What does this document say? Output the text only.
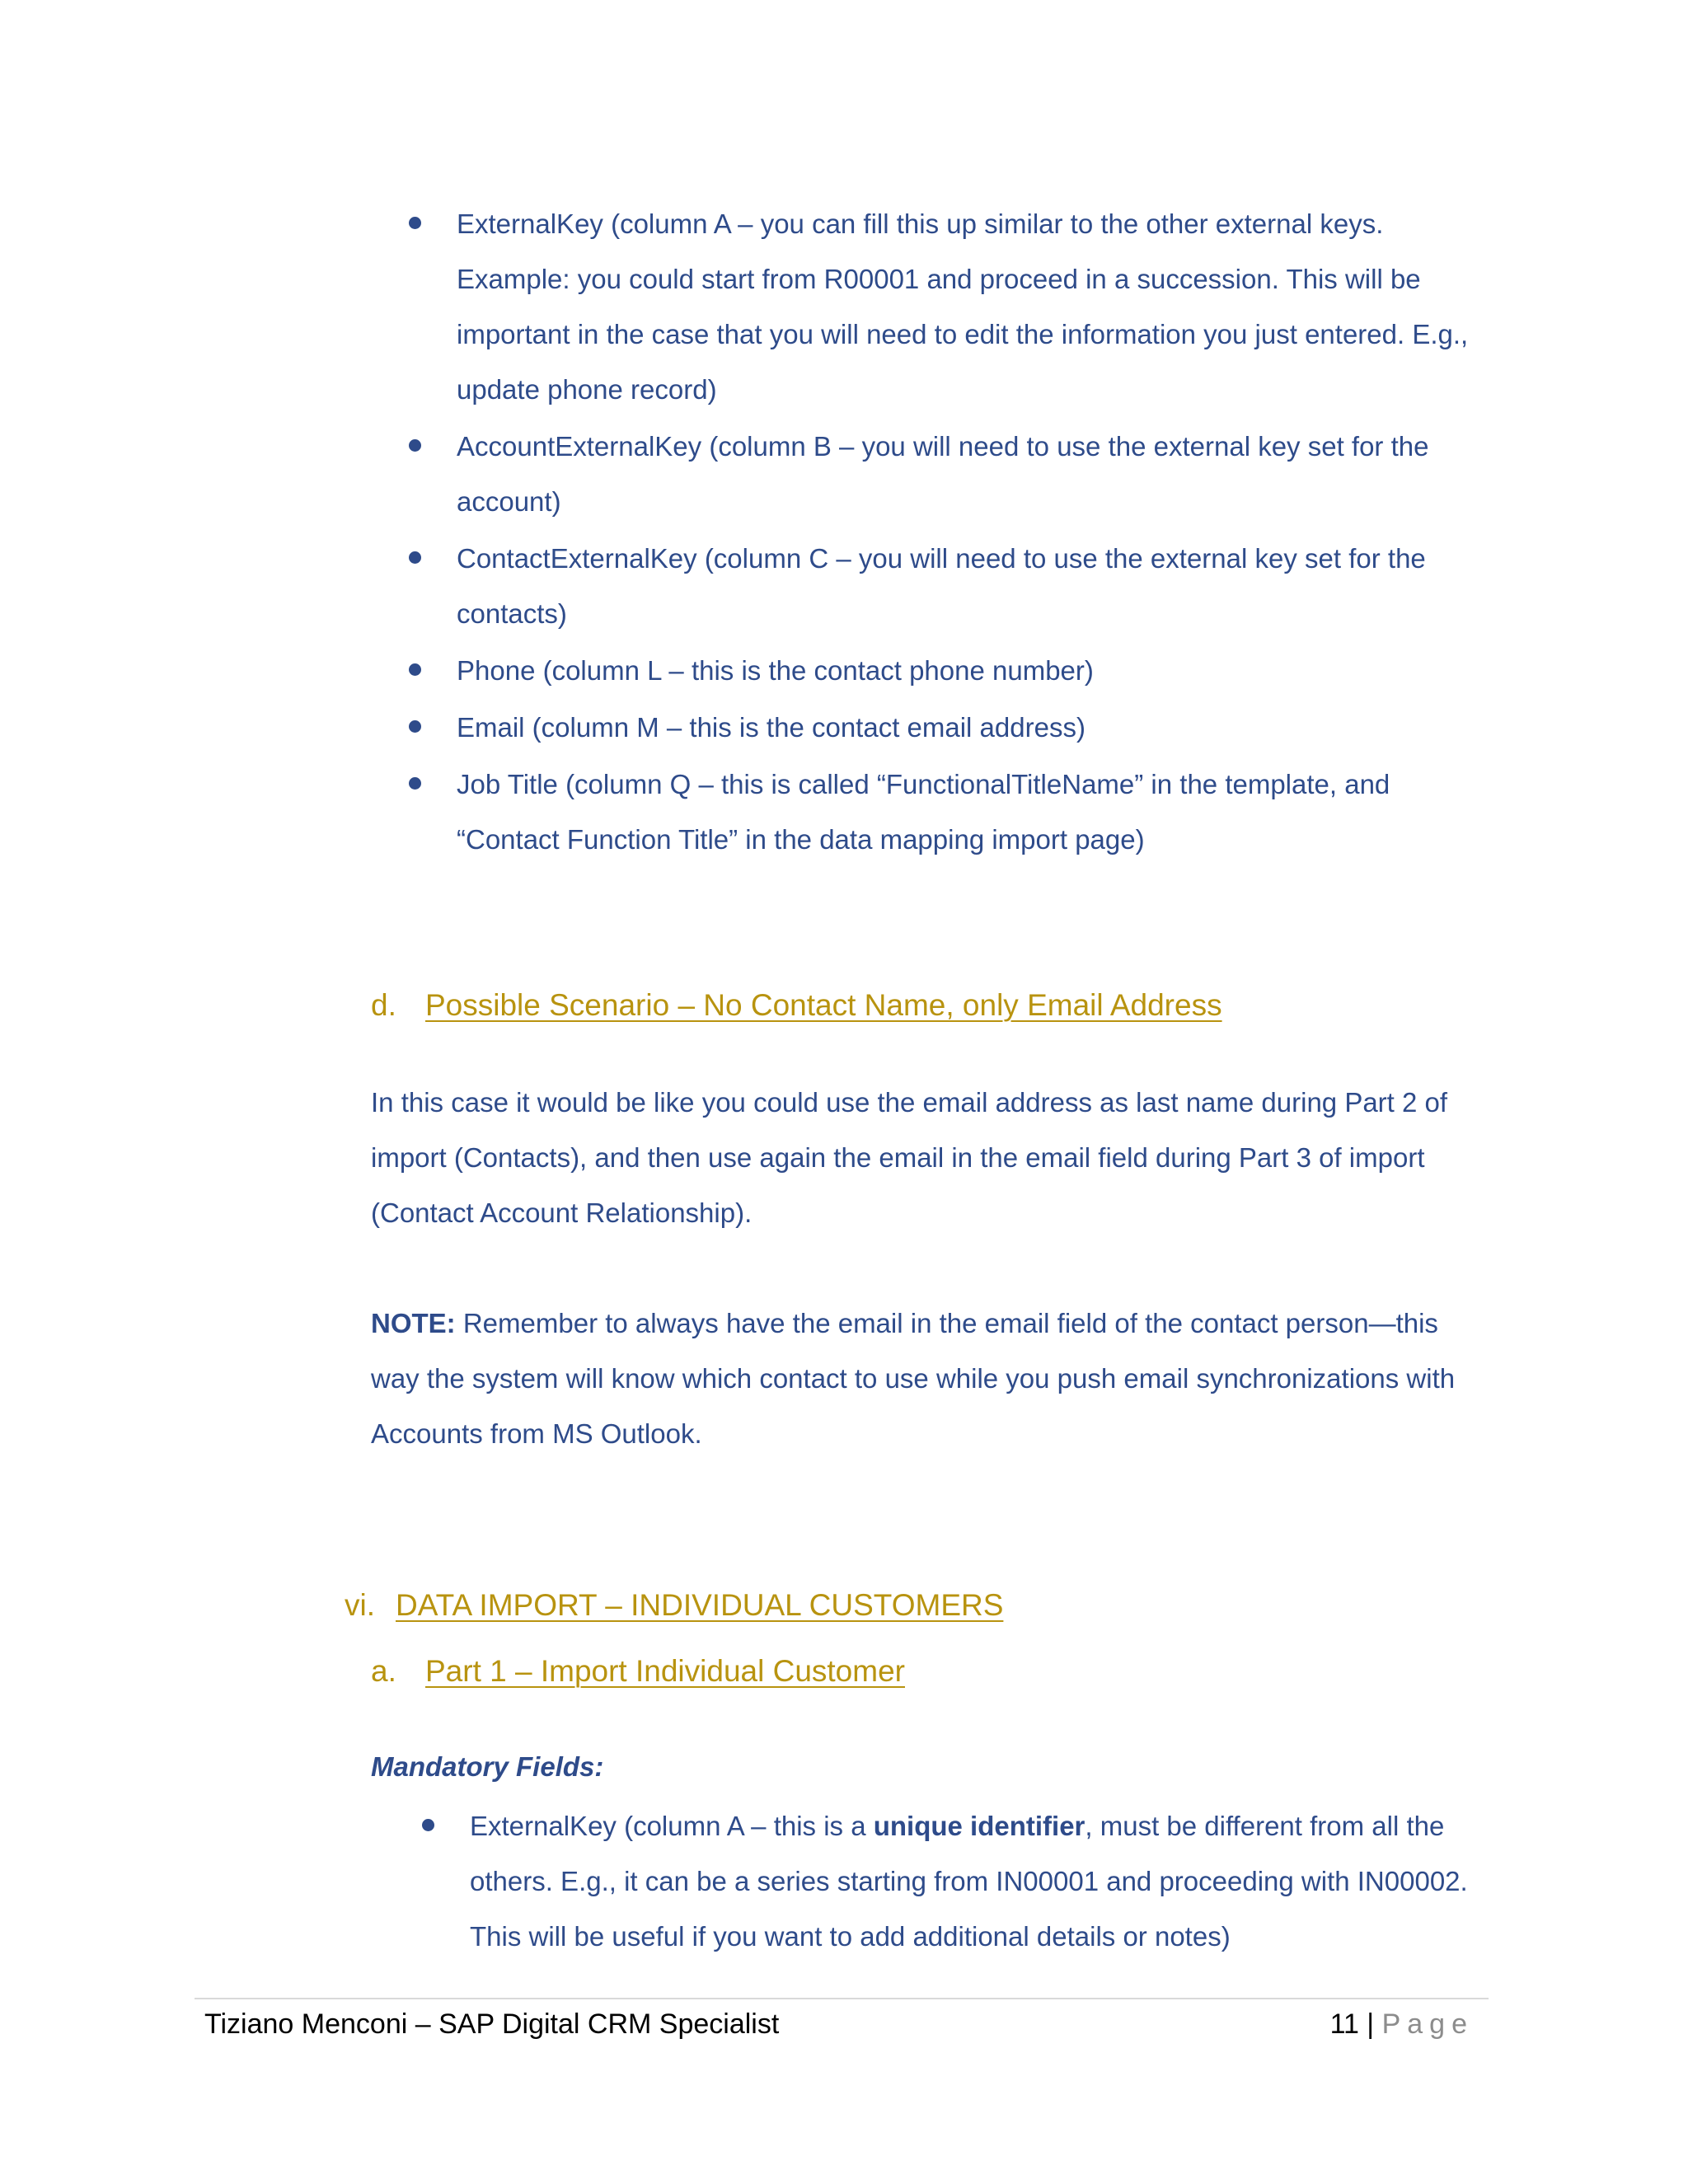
ExternalKey (column A – you can fill this up similar to the other external keys. Example: you could start from R00001 and proceed in a succession. This will be important in the case that you will need to edit the information you just entered. E.g., update phone record)
AccountExternalKey (column B – you will need to use the external key set for the account)
ContactExternalKey (column C – you will need to use the external key set for the contacts)
Phone (column L – this is the contact phone number)
Email (column M – this is the contact email address)
Job Title (column Q – this is called “FunctionalTitleName” in the template, and “Contact Function Title” in the data mapping import page)
d. Possible Scenario – No Contact Name, only Email Address

In this case it would be like you could use the email address as last name during Part 2 of import (Contacts), and then use again the email in the email field during Part 3 of import (Contact Account Relationship).

NOTE: Remember to always have the email in the email field of the contact person—this way the system will know which contact to use while you push email synchronizations with Accounts from MS Outlook.

vi. DATA IMPORT – INDIVIDUAL CUSTOMERS
a. Part 1 – Import Individual Customer
Mandatory Fields:
ExternalKey (column A – this is a unique identifier, must be different from all the others. E.g., it can be a series starting from IN00001 and proceeding with IN00002. This will be useful if you want to add additional details or notes)
Tiziano Menconi – SAP Digital CRM Specialist	11 | Page
